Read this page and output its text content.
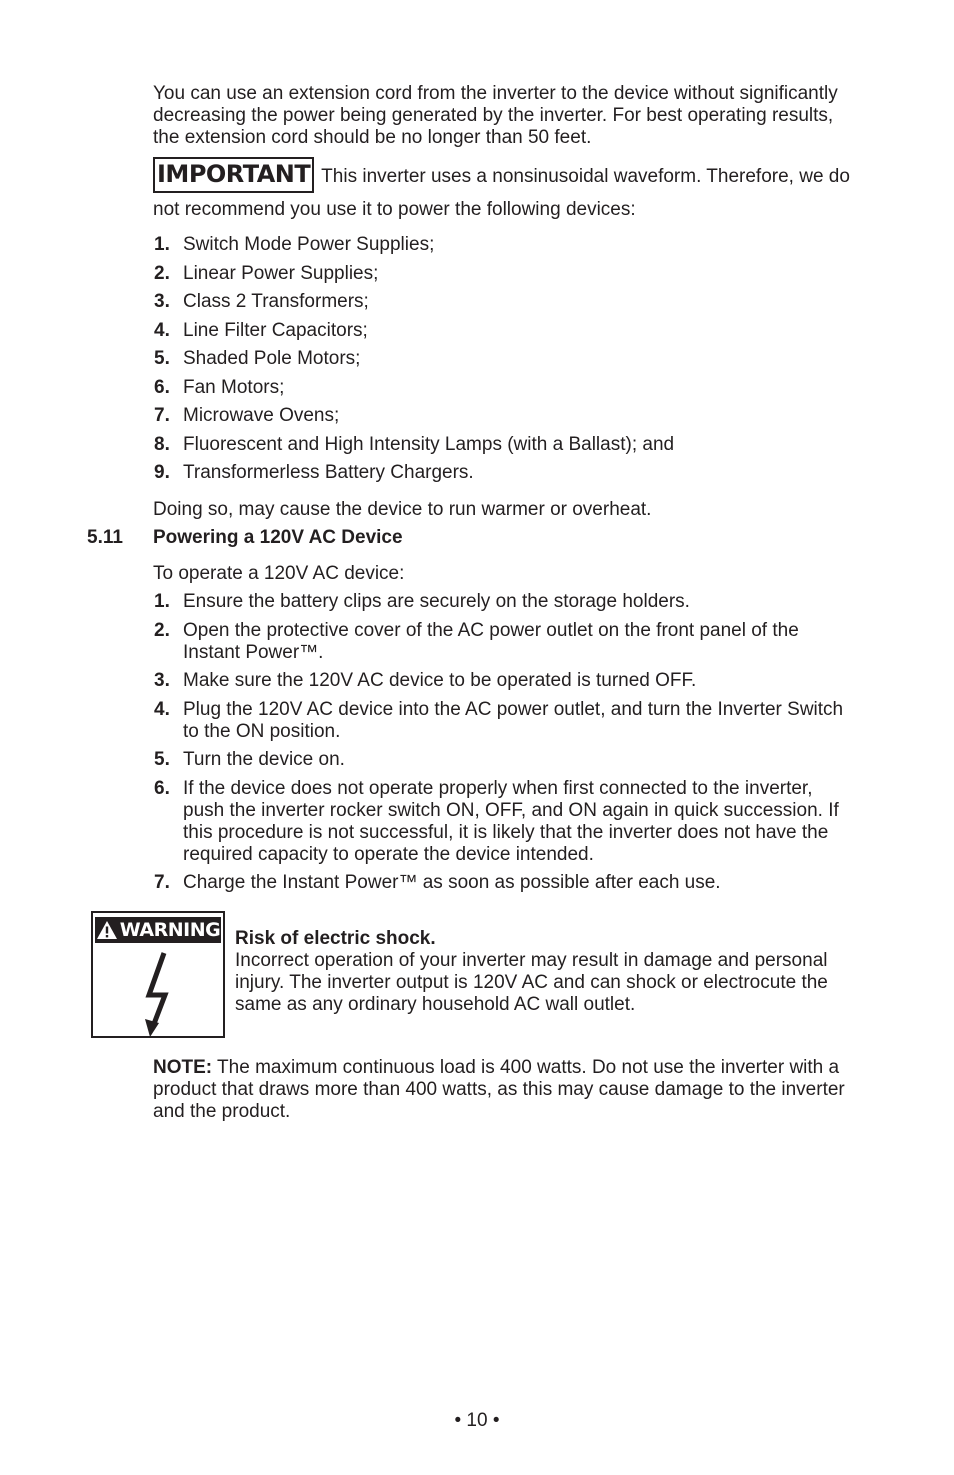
You can use an extension cord from the inverter to the device without significantly decreasing the power being generated by the inverter. For best operating results, the extension cord should be no longer than 50 feet.

IMPORTANT This inverter uses a nonsinusoidal waveform. Therefore, we do not recommend you use it to power the following devices:

1. Switch Mode Power Supplies;
2. Linear Power Supplies;
3. Class 2 Transformers;
4. Line Filter Capacitors;
5. Shaded Pole Motors;
6. Fan Motors;
7. Microwave Ovens;
8. Fluorescent and High Intensity Lamps (with a Ballast); and
9. Transformerless Battery Chargers.

Doing so, may cause the device to run warmer or overheat.

5.11 Powering a 120V AC Device

To operate a 120V AC device:

1. Ensure the battery clips are securely on the storage holders.
2. Open the protective cover of the AC power outlet on the front panel of the Instant Power™.
3. Make sure the 120V AC device to be operated is turned OFF.
4. Plug the 120V AC device into the AC power outlet, and turn the Inverter Switch to the ON position.
5. Turn the device on.
6. If the device does not operate properly when first connected to the inverter, push the inverter rocker switch ON, OFF, and ON again in quick succession. If this procedure is not successful, it is likely that the inverter does not have the required capacity to operate the device intended.
7. Charge the Instant Power™ as soon as possible after each use.
WARNING Risk of electric shock.

Incorrect operation of your inverter may result in damage and personal injury. The inverter output is 120V AC and can shock or electrocute the same as any ordinary household AC wall outlet.

NOTE: The maximum continuous load is 400 watts. Do not use the inverter with a product that draws more than 400 watts, as this may cause damage to the inverter and the product.

• 10 •
